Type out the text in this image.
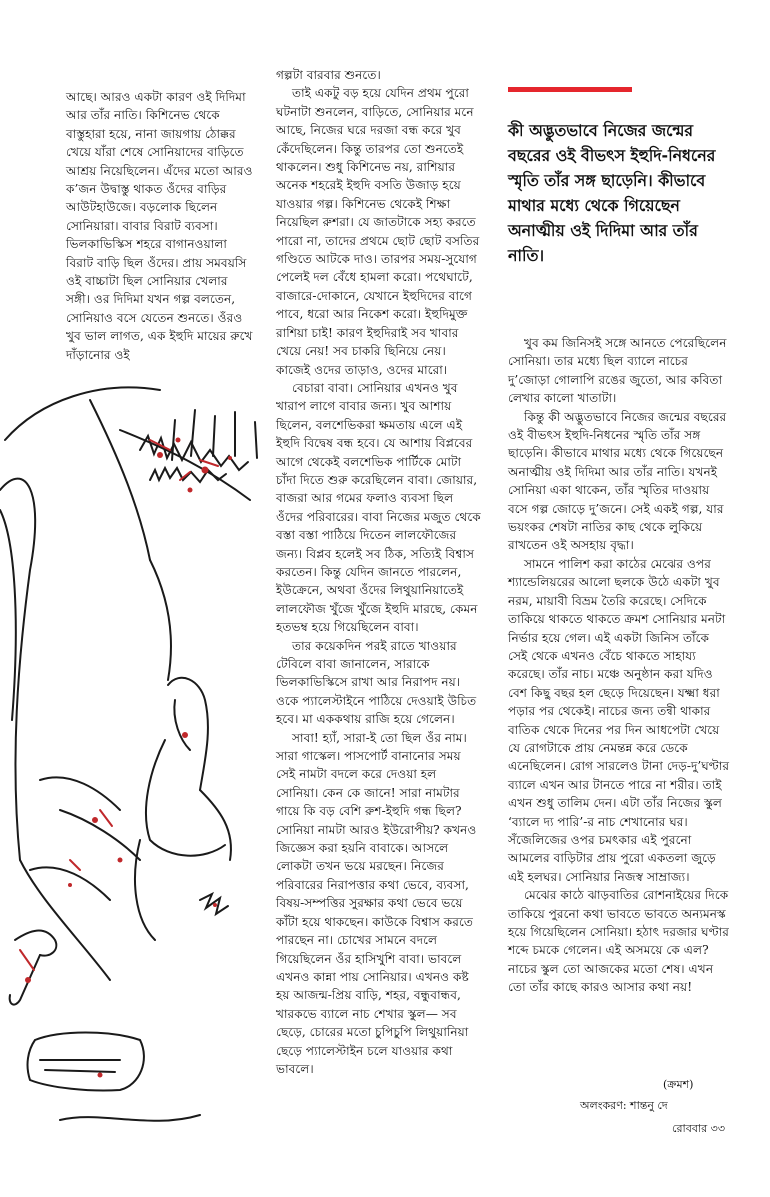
আছে। আরও একটা কারণ ওই দিদিমা আর তাঁর নাতি। কিশিনেভ থেকে বাস্তুহারা হয়ে, নানা জায়গায় ঠোক্কর খেয়ে যাঁরা শেষে সোনিয়াদের বাড়িতে আশ্রয় নিয়েছিলেন। এঁদের মতো আরও ক’জন উদ্বাস্তু থাকত ওঁদের বাড়ির আউটহাউজে। বড়লোক ছিলেন সোনিয়ারা। বাবার বিরাট ব্যবসা। ভিলকাভিস্কিস শহরে বাগানওয়ালা বিরাট বাড়ি ছিল ওঁদের। প্রায় সমবয়সি ওই বাচ্চাটা ছিল সোনিয়ার খেলার সঙ্গী। ওর দিদিমা যখন গল্প বলতেন, সোনিয়াও বসে যেতেন শুনতে। ওঁরও খুব ভাল লাগত, এক ইহুদি মায়ের রুখে দাঁড়ানোর ওই

গল্পটা বারবার শুনতে।

তাই একটু বড় হয়ে যেদিন প্রথম পুরো ঘটনাটা শুনলেন, বাড়িতে, সোনিয়ার মনে আছে, নিজের ঘরে দরজা বন্ধ করে খুব কেঁদেছিলেন। কিন্তু তারপর তো শুনতেই থাকলেন। শুধু কিশিনেভ নয়, রাশিয়ার অনেক শহরেই ইহুদি বসতি উজাড় হয়ে যাওয়ার গল্প। কিশিনেভ থেকেই শিক্ষা নিয়েছিল রুশরা। যে জাতটাকে সহ্য করতে পারো না, তাদের প্রথমে ছোট ছোট বসতির গণ্ডিতে আটকে দাও। তারপর সময়-সুযোগ পেলেই দল বেঁধে হামলা করো। পথেঘাটে, বাজারে-দোকানে, যেখানে ইহুদিদের বাগে পাবে, ধরো আর নিকেশ করো। ইহুদিমুক্ত রাশিয়া চাই! কারণ ইহুদিরাই সব খাবার খেয়ে নেয়! সব চাকরি ছিনিয়ে নেয়। কাজেই ওদের তাড়াও, ওদের মারো।

বেচারা বাবা। সোনিয়ার এখনও খুব খারাপ লাগে বাবার জন্য। খুব আশায় ছিলেন, বলশেভিকরা ক্ষমতায় এলে এই ইহুদি বিদ্বেষ বন্ধ হবে। যে আশায় বিপ্লবের আগে থেকেই বলশেভিক পার্টিকে মোটা চাঁদা দিতে শুরু করেছিলেন বাবা। জোয়ার, বাজরা আর গমের ফলাও ব্যবসা ছিল ওঁদের পরিবারের। বাবা নিজের মজুত থেকে বস্তা বস্তা পাঠিয়ে দিতেন লালফৌজের জন্য। বিপ্লব হলেই সব ঠিক, সত্যিই বিশ্বাস করতেন। কিন্তু যেদিন জানতে পারলেন, ইউক্রেনে, অথবা ওঁদের লিথুয়ানিয়াতেই লালফৌজ খুঁজে খুঁজে ইহুদি মারছে, কেমন হতভম্ব হয়ে গিয়েছিলেন বাবা।

তার কয়েকদিন পরই রাতে খাওয়ার টেবিলে বাবা জানালেন, সারাকে ভিলকাভিস্কিসে রাখা আর নিরাপদ নয়। ওকে প্যালেস্টাইনে পাঠিয়ে দেওয়াই উচিত হবে। মা এককথায় রাজি হয়ে গেলেন।

সাবা! হ্যাঁ, সারা-ই তো ছিল ওঁর নাম। সারা গাস্কেল। পাসপোর্ট বানানোর সময় সেই নামটা বদলে করে দেওয়া হল সোনিয়া। কেন কে জানে! সারা নামটার গায়ে কি বড় বেশি রুশ-ইহুদি গন্ধ ছিল? সোনিয়া নামটা আরও ইউরোপীয়? কখনও জিজ্ঞেস করা হয়নি বাবাকে। আসলে লোকটা তখন ভয়ে মরছেন। নিজের পরিবারের নিরাপত্তার কথা ভেবে, ব্যবসা, বিষয়-সম্পত্তির সুরক্ষার কথা ভেবে ভয়ে কাঁটা হয়ে থাকছেন। কাউকে বিশ্বাস করতে পারছেন না। চোখের সামনে বদলে গিয়েছিলেন ওঁর হাসিখুশি বাবা। ভাবলে এখনও কান্না পায় সোনিয়ার। এখনও কষ্ট হয় আজন্ম-প্রিয় বাড়ি, শহর, বন্ধুবান্ধব, খারকভে ব্যালে নাচ শেখার স্কুল— সব ছেড়ে, চোরের মতো চুপিচুপি লিথুয়ানিয়া ছেড়ে প্যালেস্টাইন চলে যাওয়ার কথা ভাবলে।

কী অদ্ভুতভাবে নিজের জন্মের বছরের ওই বীভৎস ইহুদি-নিধনের স্মৃতি তাঁর সঙ্গ ছাড়েনি। কীভাবে মাথার মধ্যে থেকে গিয়েছেন অনাত্মীয় ওই দিদিমা আর তাঁর নাতি।

খুব কম জিনিসই সঙ্গে আনতে পেরেছিলেন সোনিয়া। তার মধ্যে ছিল ব্যালে নাচের দু’জোড়া গোলাপি রঙের জুতো, আর কবিতা লেখার কালো খাতাটা।

কিন্তু কী অদ্ভুতভাবে নিজের জন্মের বছরের ওই বীভৎস ইহুদি-নিধনের স্মৃতি তাঁর সঙ্গ ছাড়েনি। কীভাবে মাথার মধ্যে থেকে গিয়েছেন অনাত্মীয় ওই দিদিমা আর তাঁর নাতি। যখনই সোনিয়া একা থাকেন, তাঁর স্মৃতির দাওয়ায় বসে গল্প জোড়ে দু’জনে। সেই একই গল্প, যার ভয়ংকর শেষটা নাতির কাছ থেকে লুকিয়ে রাখতেন ওই অসহায় বৃদ্ধা।

সামনে পালিশ করা কাঠের মেঝের ওপর শ্যান্ডেলিয়রের আলো ছলকে উঠে একটা খুব নরম, মায়াবী বিভ্রম তৈরি করেছে। সেদিকে তাকিয়ে থাকতে থাকতে ক্রমশ সোনিয়ার মনটা নির্ভার হয়ে গেল। এই একটা জিনিস তাঁকে সেই থেকে এখনও বেঁচে থাকতে সাহায্য করেছে। তাঁর নাচ। মঞ্চে অনুষ্ঠান করা যদিও বেশ কিছু বছর হল ছেড়ে দিয়েছেন। যক্ষ্মা ধরা পড়ার পর থেকেই। নাচের জন্য তন্বী থাকার বাতিক থেকে দিনের পর দিন আধপেটা খেয়ে যে রোগটাকে প্রায় নেমন্তন্ন করে ডেকে এনেছিলেন। রোগ সারলেও টানা দেড়-দু’ঘণ্টার ব্যালে এখন আর টানতে পারে না শরীর। তাই এখন শুধু তালিম দেন। এটা তাঁর নিজের স্কুল ‘ব্যালে দ্য পারি’-র নাচ শেখানোর ঘর। সঁজেলিজের ওপর চমৎকার এই পুরনো আমলের বাড়িটার প্রায় পুরো একতলা জুড়ে এই হলঘর। সোনিয়ার নিজস্ব সাম্রাজ্য।

মেঝের কাঠে ঝাড়বাতির রোশনাইয়ের দিকে তাকিয়ে পুরনো কথা ভাবতে ভাবতে অন্যমনস্ক হয়ে গিয়েছিলেন সোনিয়া। হঠাৎ দরজার ঘণ্টার শব্দে চমকে গেলেন। এই অসময়ে কে এল? নাচের স্কুল তো আজকের মতো শেষ। এখন তো তাঁর কাছে কারও আসার কথা নয়!

(ক্রমশ)
অলংকরণ: শান্তনু দে
রোববার ৩৩
